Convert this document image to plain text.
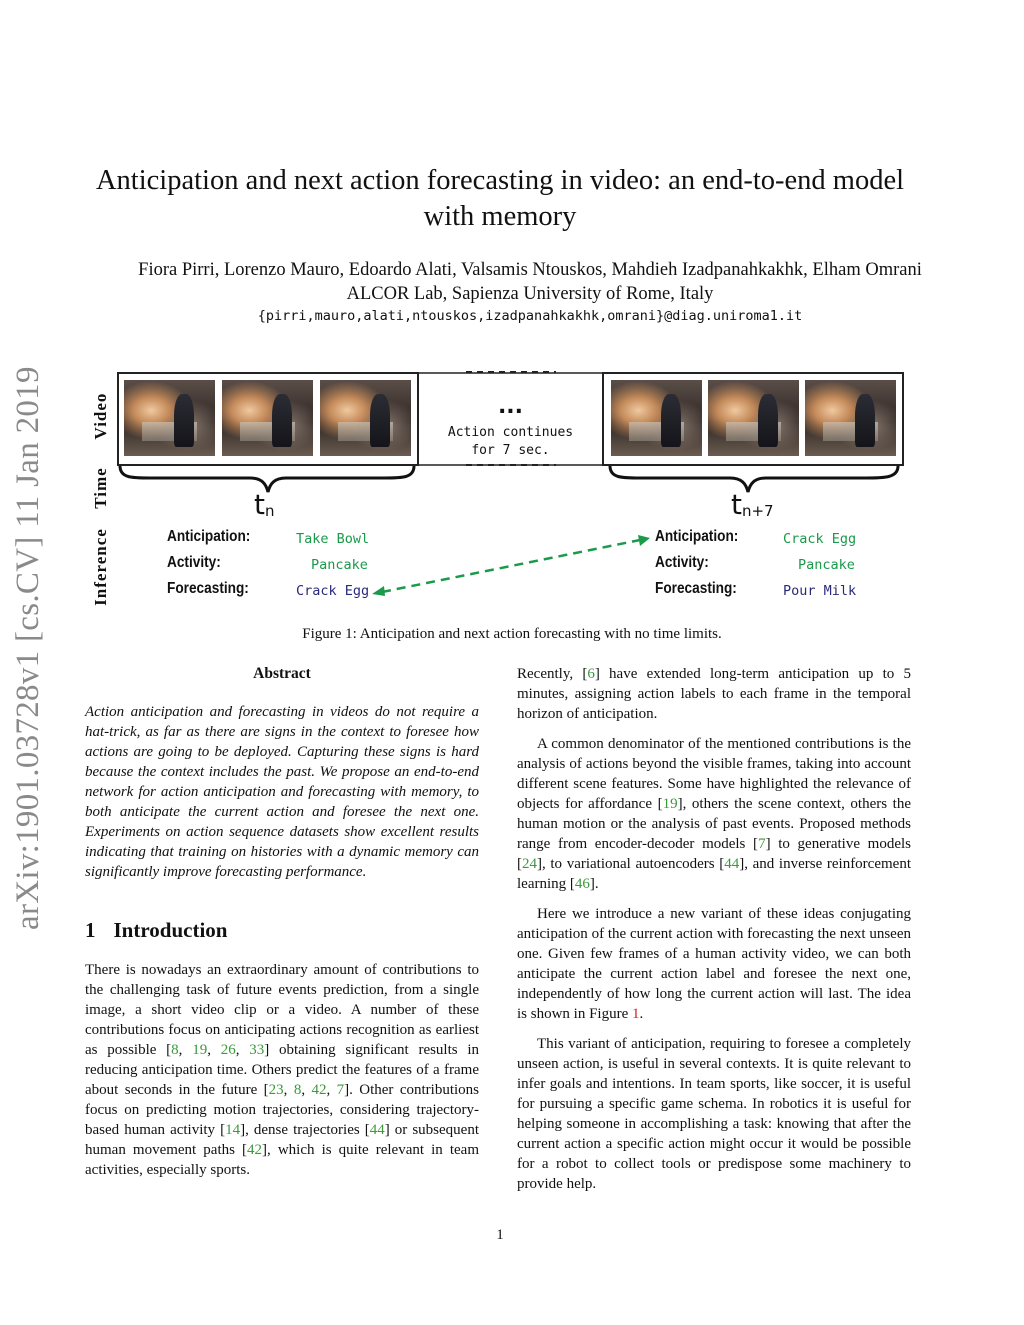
arXiv:1901.03728v1 [cs.CV] 11 Jan 2019
Anticipation and next action forecasting in video: an end-to-end model
with memory
Fiora Pirri, Lorenzo Mauro, Edoardo Alati, Valsamis Ntouskos, Mahdieh Izadpanahkakhk, Elham Omrani
ALCOR Lab, Sapienza University of Rome, Italy
{pirri,mauro,alati,ntouskos,izadpanahkakhk,omrani}@diag.uniroma1.it
Video
Time
Inference
...
Action continues
for 7 sec.
$t_n$	$t_{n+7}$
Anticipation:
Activity:
Forecasting:
Take Bowl
Pancake
Crack Egg
Anticipation:
Activity:
Forecasting:
Crack Egg
Pancake
Pour Milk
Figure 1: Anticipation and next action forecasting with no time limits.
Abstract

Action anticipation and forecasting in videos do not require a hat-trick, as far as there are signs in the context to foresee how actions are going to be deployed. Capturing these signs is hard because the context includes the past. We propose an end-to-end network for action anticipation and forecasting with memory, to both anticipate the current action and foresee the next one. Experiments on action sequence datasets show excellent results indicating that training on histories with a dynamic memory can significantly improve forecasting performance.

1 Introduction

There is nowadays an extraordinary amount of contributions to the challenging task of future events prediction, from a single image, a short video clip or a video. A number of these contributions focus on anticipating actions recognition as earliest as possible [8, 19, 26, 33] obtaining significant results in reducing anticipation time. Others predict the features of a frame about seconds in the future [23, 8, 42, 7]. Other contributions focus on predicting motion trajectories, considering trajectory-based human activity [14], dense trajectories [44] or subsequent human movement paths [42], which is quite relevant in team activities, especially sports.

Recently, [6] have extended long-term anticipation up to 5 minutes, assigning action labels to each frame in the temporal horizon of anticipation.

A common denominator of the mentioned contributions is the analysis of actions beyond the visible frames, taking into account different scene features. Some have highlighted the relevance of objects for affordance [19], others the scene context, others the human motion or the analysis of past events. Proposed methods range from encoder-decoder models [7] to generative models [24], to variational autoencoders [44], and inverse reinforcement learning [46].

Here we introduce a new variant of these ideas conjugating anticipation of the current action with forecasting the next unseen one. Given few frames of a human activity video, we can both anticipate the current action label and foresee the next one, independently of how long the current action will last. The idea is shown in Figure 1.

This variant of anticipation, requiring to foresee a completely unseen action, is useful in several contexts. It is quite relevant to infer goals and intentions. In team sports, like soccer, it is useful for pursuing a specific game schema. In robotics it is useful for helping someone in accomplishing a task: knowing that after the current action a specific action might occur it would be possible for a robot to collect tools or predispose some machinery to provide help.

1
